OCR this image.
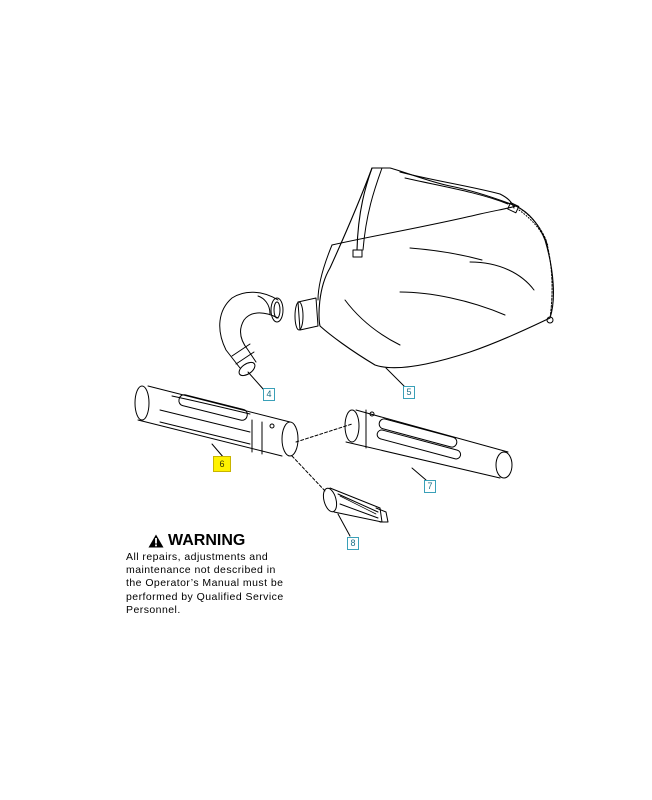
4	5
6
7
8
WARNING
All repairs, adjustments and
maintenance not described in
the Operator’s Manual must be
performed by Qualified Service
Personnel.
